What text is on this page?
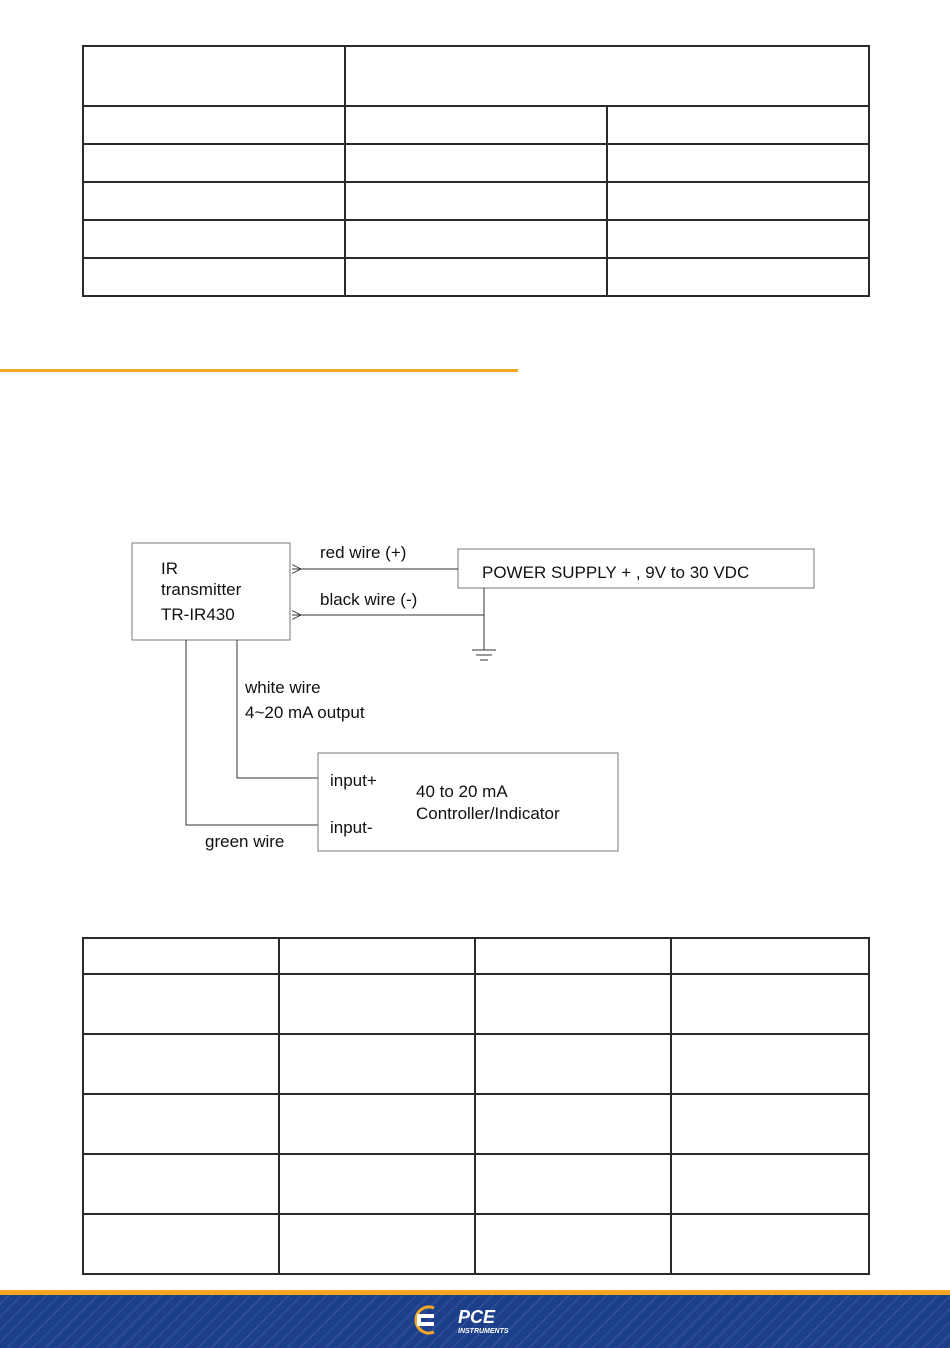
IR
transmitter
TR-IR430
POWER SUPPLY + , 9V to 30 VDC
red wire (+)
black wire (-)
white wire
4~20 mA output
green wire
input+
input-
40 to 20 mA
Controller/Indicator

PCE
INSTRUMENTS
